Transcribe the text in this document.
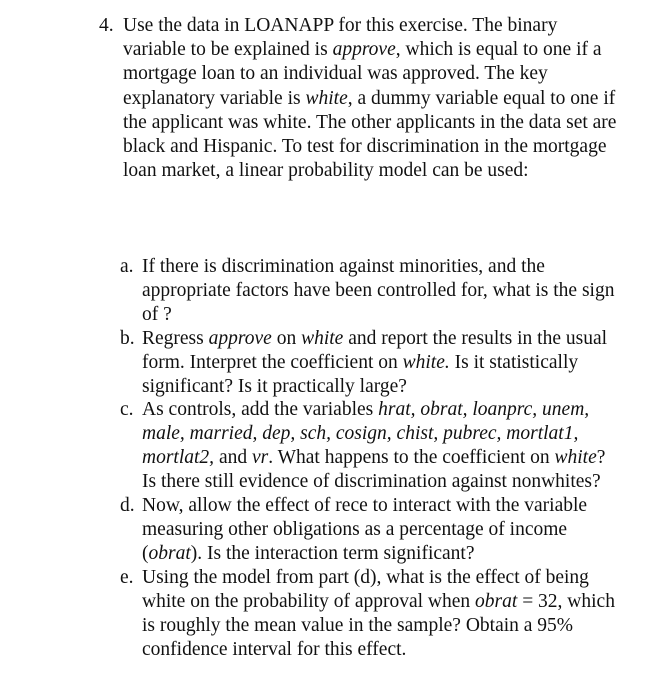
4. Use the data in LOANAPP for this exercise. The binary variable to be explained is approve, which is equal to one if a mortgage loan to an individual was approved. The key explanatory variable is white, a dummy variable equal to one if the applicant was white. The other applicants in the data set are black and Hispanic. To test for discrimination in the mortgage loan market, a linear probability model can be used:
a. If there is discrimination against minorities, and the appropriate factors have been controlled for, what is the sign of ?
b. Regress approve on white and report the results in the usual form. Interpret the coefficient on white. Is it statistically significant? Is it practically large?
c. As controls, add the variables hrat, obrat, loanprc, unem, male, married, dep, sch, cosign, chist, pubrec, mortlat1, mortlat2, and vr. What happens to the coefficient on white? Is there still evidence of discrimination against nonwhites?
d. Now, allow the effect of rece to interact with the variable measuring other obligations as a percentage of income (obrat). Is the interaction term significant?
e. Using the model from part (d), what is the effect of being white on the probability of approval when obrat = 32, which is roughly the mean value in the sample? Obtain a 95% confidence interval for this effect.
